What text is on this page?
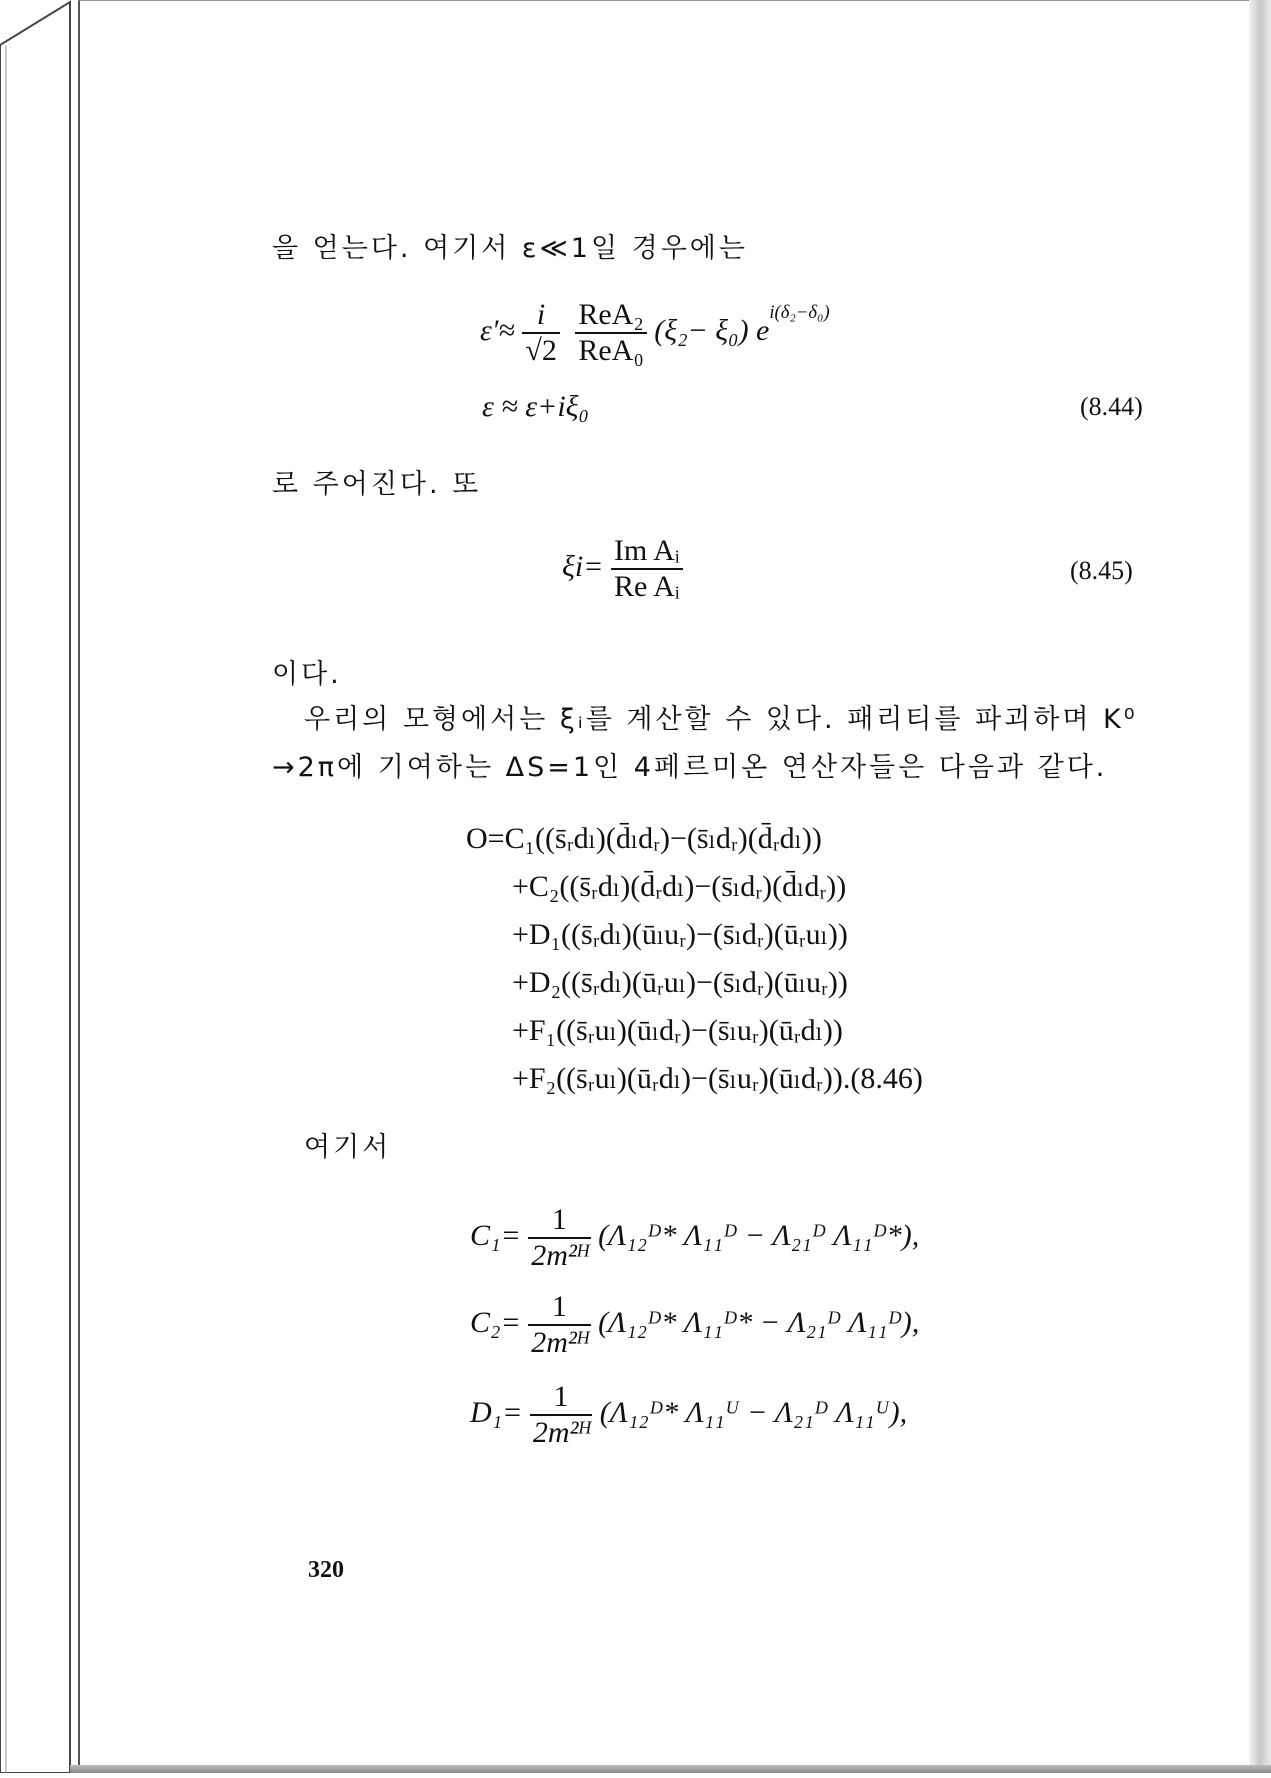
을 얻는다. 여기서 ε≪1일 경우에는
$\varepsilon'\approx \frac{i}{√2}$
$\frac{\text{ReA₂}}{\text{ReA₀}} (\xi_2- \xi_0)$ $e^{i(\delta_2-\delta_0)}$
ε ≈ ε+iξ₀	(8.44)
로 주어진다. 또
$\xi i= \frac{\text{Im Aᵢ}}{\text{Re Aᵢ}}$	(8.45)
이다.
우리의 모형에서는 ξᵢ를 계산할 수 있다. 패리티를 파괴하며 K⁰
→2π에 기여하는 ΔS=1인 4페르미온 연산자들은 다음과 같다.
O=C₁((s̄ᵣdₗ)(d̄ₗdᵣ)−(s̄ₗdᵣ)(d̄ᵣdₗ))
+C₂((s̄ᵣdₗ)(d̄ᵣdₗ)−(s̄ₗdᵣ)(d̄ₗdᵣ))
+D₁((s̄ᵣdₗ)(ūₗuᵣ)−(s̄ₗdᵣ)(ūᵣuₗ))
+D₂((s̄ᵣdₗ)(ūᵣuₗ)−(s̄ₗdᵣ)(ūₗuᵣ))
+F₁((s̄ᵣuₗ)(ūₗdᵣ)−(s̄ₗuᵣ)(ūᵣdₗ))
+F₂((s̄ᵣuₗ)(ūᵣdₗ)−(s̄ₗuᵣ)(ūₗdᵣ)).(8.46)
여기서
$C_1= \frac{1}{\text{2m²ᴴ}}$ (Λ₁₂ᴰ* Λ₁₁ᴰ − Λ₂₁ᴰ Λ₁₁ᴰ*),
$C_2= \frac{1}{\text{2m²ᴴ}}$ (Λ₁₂ᴰ* Λ₁₁ᴰ* − Λ₂₁ᴰ Λ₁₁ᴰ),
$D_1= \frac{1}{\text{2m²ᴴ}}$ (Λ₁₂ᴰ* Λ₁₁ᵁ − Λ₂₁ᴰ Λ₁₁ᵁ),
320
